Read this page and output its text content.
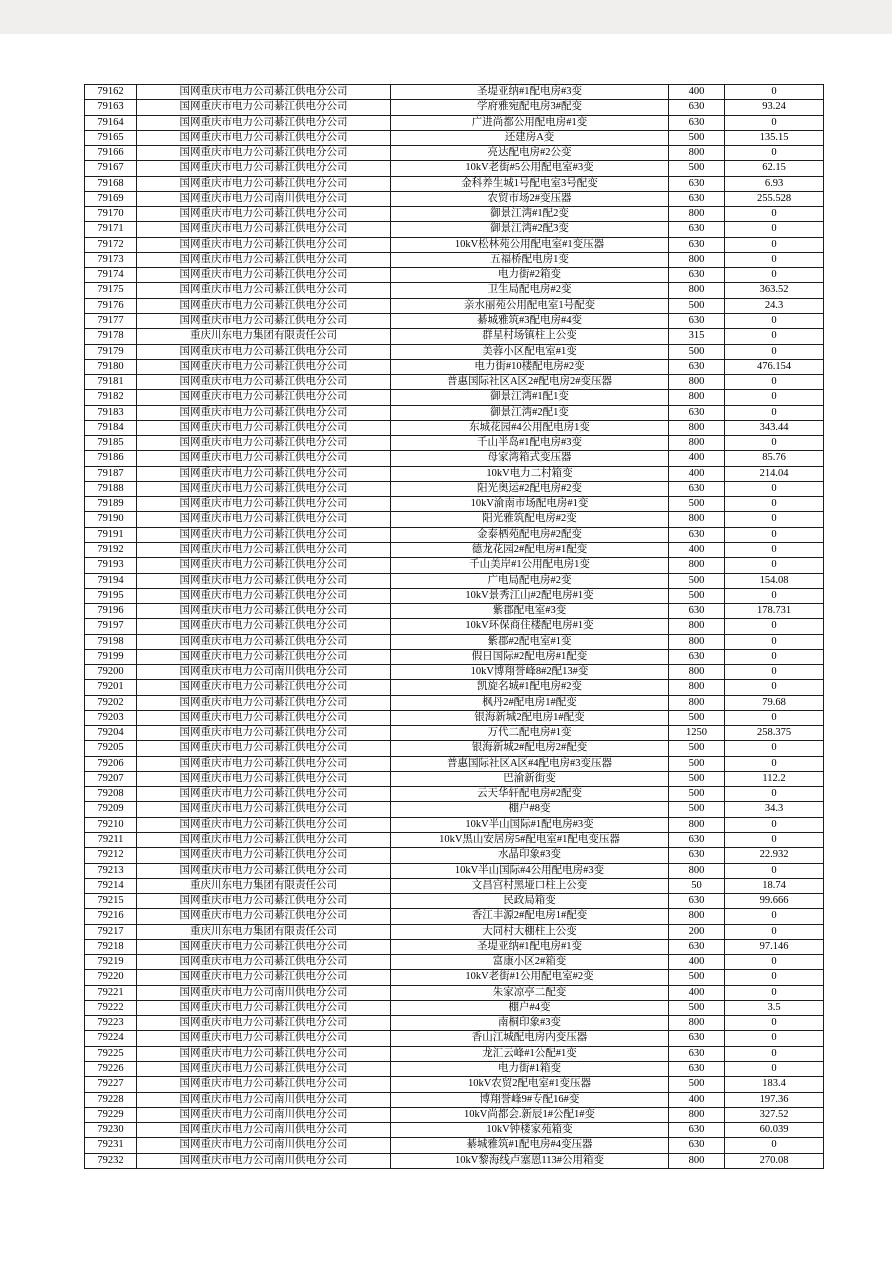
79162	国网重庆市电力公司綦江供电分公司	圣堤亚纳#1配电房#3变	400	0
79163	国网重庆市电力公司綦江供电分公司	学府雅宛配电房3#配变	630	93.24
79164	国网重庆市电力公司綦江供电分公司	广进尚都公用配电房#1变	630	0
79165	国网重庆市电力公司綦江供电分公司	还建房A变	500	135.15
79166	国网重庆市电力公司綦江供电分公司	亮达配电房#2公变	800	0
79167	国网重庆市电力公司綦江供电分公司	10kV老街#5公用配电室#3变	500	62.15
79168	国网重庆市电力公司綦江供电分公司	金科养生城1号配电室3号配变	630	6.93
79169	国网重庆市电力公司南川供电分公司	农贸市场2#变压器	630	255.528
79170	国网重庆市电力公司綦江供电分公司	御景江湾#1配2变	800	0
79171	国网重庆市电力公司綦江供电分公司	御景江湾#2配3变	630	0
79172	国网重庆市电力公司綦江供电分公司	10kV松林苑公用配电室#1变压器	630	0
79173	国网重庆市电力公司綦江供电分公司	五福桥配电房1变	800	0
79174	国网重庆市电力公司綦江供电分公司	电力街#2箱变	630	0
79175	国网重庆市电力公司綦江供电分公司	卫生局配电房#2变	800	363.52
79176	国网重庆市电力公司綦江供电分公司	亲水丽苑公用配电室1号配变	500	24.3
79177	国网重庆市电力公司綦江供电分公司	綦城雅筑#3配电房#4变	630	0
79178	重庆川东电力集团有限责任公司	群星村场镇柱上公变	315	0
79179	国网重庆市电力公司綦江供电分公司	美蓉小区配电室#1变	500	0
79180	国网重庆市电力公司綦江供电分公司	电力街#10楼配电房#2变	630	476.154
79181	国网重庆市电力公司綦江供电分公司	普惠国际社区A区2#配电房2#变压器	800	0
79182	国网重庆市电力公司綦江供电分公司	御景江湾#1配1变	800	0
79183	国网重庆市电力公司綦江供电分公司	御景江湾#2配1变	630	0
79184	国网重庆市电力公司綦江供电分公司	东城花园#4公用配电房1变	800	343.44
79185	国网重庆市电力公司綦江供电分公司	千山半岛#1配电房#3变	800	0
79186	国网重庆市电力公司綦江供电分公司	母家湾箱式变压器	400	85.76
79187	国网重庆市电力公司綦江供电分公司	10kV电力二村箱变	400	214.04
79188	国网重庆市电力公司綦江供电分公司	阳光奥运#2配电房#2变	630	0
79189	国网重庆市电力公司綦江供电分公司	10kV渝南市场配电房#1变	500	0
79190	国网重庆市电力公司綦江供电分公司	阳光雅筑配电房#2变	800	0
79191	国网重庆市电力公司綦江供电分公司	金泰栖苑配电房#2配变	630	0
79192	国网重庆市电力公司綦江供电分公司	德龙花园2#配电房#1配变	400	0
79193	国网重庆市电力公司綦江供电分公司	千山美岸#1公用配电房1变	800	0
79194	国网重庆市电力公司綦江供电分公司	广电局配电房#2变	500	154.08
79195	国网重庆市电力公司綦江供电分公司	10kV景秀江山#2配电房#1变	500	0
79196	国网重庆市电力公司綦江供电分公司	紫郡配电室#3变	630	178.731
79197	国网重庆市电力公司綦江供电分公司	10kV环保商住楼配电房#1变	800	0
79198	国网重庆市电力公司綦江供电分公司	紫郡#2配电室#1变	800	0
79199	国网重庆市电力公司綦江供电分公司	假日国际#2配电房#1配变	630	0
79200	国网重庆市电力公司南川供电分公司	10kV博翔誉峰8#2配13#变	800	0
79201	国网重庆市电力公司綦江供电分公司	凯旋名城#1配电房#2变	800	0
79202	国网重庆市电力公司綦江供电分公司	枫丹2#配电房1#配变	800	79.68
79203	国网重庆市电力公司綦江供电分公司	银海新城2配电房1#配变	500	0
79204	国网重庆市电力公司綦江供电分公司	万代二配电房#1变	1250	258.375
79205	国网重庆市电力公司綦江供电分公司	银海新城2#配电房2#配变	500	0
79206	国网重庆市电力公司綦江供电分公司	普惠国际社区A区#4配电房#3变压器	500	0
79207	国网重庆市电力公司綦江供电分公司	巴渝新街变	500	112.2
79208	国网重庆市电力公司綦江供电分公司	云天华轩配电房#2配变	500	0
79209	国网重庆市电力公司綦江供电分公司	棚户#8变	500	34.3
79210	国网重庆市电力公司綦江供电分公司	10kV半山国际#1配电房#3变	800	0
79211	国网重庆市电力公司綦江供电分公司	10kV黑山安居房5#配电室#1配电变压器	630	0
79212	国网重庆市电力公司綦江供电分公司	水晶印象#3变	630	22.932
79213	国网重庆市电力公司綦江供电分公司	10kV半山国际#4公用配电房#3变	800	0
79214	重庆川东电力集团有限责任公司	文昌宫村黑垭口柱上公变	50	18.74
79215	国网重庆市电力公司綦江供电分公司	民政局箱变	630	99.666
79216	国网重庆市电力公司綦江供电分公司	香江丰源2#配电房1#配变	800	0
79217	重庆川东电力集团有限责任公司	大同村大棚柱上公变	200	0
79218	国网重庆市电力公司綦江供电分公司	圣堤亚纳#1配电房#1变	630	97.146
79219	国网重庆市电力公司綦江供电分公司	富康小区2#箱变	400	0
79220	国网重庆市电力公司綦江供电分公司	10kV老街#1公用配电室#2变	500	0
79221	国网重庆市电力公司南川供电分公司	朱家凉亭二配变	400	0
79222	国网重庆市电力公司綦江供电分公司	棚户#4变	500	3.5
79223	国网重庆市电力公司綦江供电分公司	南桐印象#3变	800	0
79224	国网重庆市电力公司綦江供电分公司	香山江城配电房内变压器	630	0
79225	国网重庆市电力公司綦江供电分公司	龙汇云峰#1公配#1变	630	0
79226	国网重庆市电力公司綦江供电分公司	电力街#1箱变	630	0
79227	国网重庆市电力公司綦江供电分公司	10kV农贸2配电室#1变压器	500	183.4
79228	国网重庆市电力公司南川供电分公司	博翔誉峰9#专配16#变	400	197.36
79229	国网重庆市电力公司南川供电分公司	10kV尚都会.新辰1#公配1#变	800	327.52
79230	国网重庆市电力公司南川供电分公司	10kV钟楼家苑箱变	630	60.039
79231	国网重庆市电力公司南川供电分公司	綦城雅筑#1配电房#4变压器	630	0
79232	国网重庆市电力公司南川供电分公司	10kV黎海线卢塞恩113#公用箱变	800	270.08
